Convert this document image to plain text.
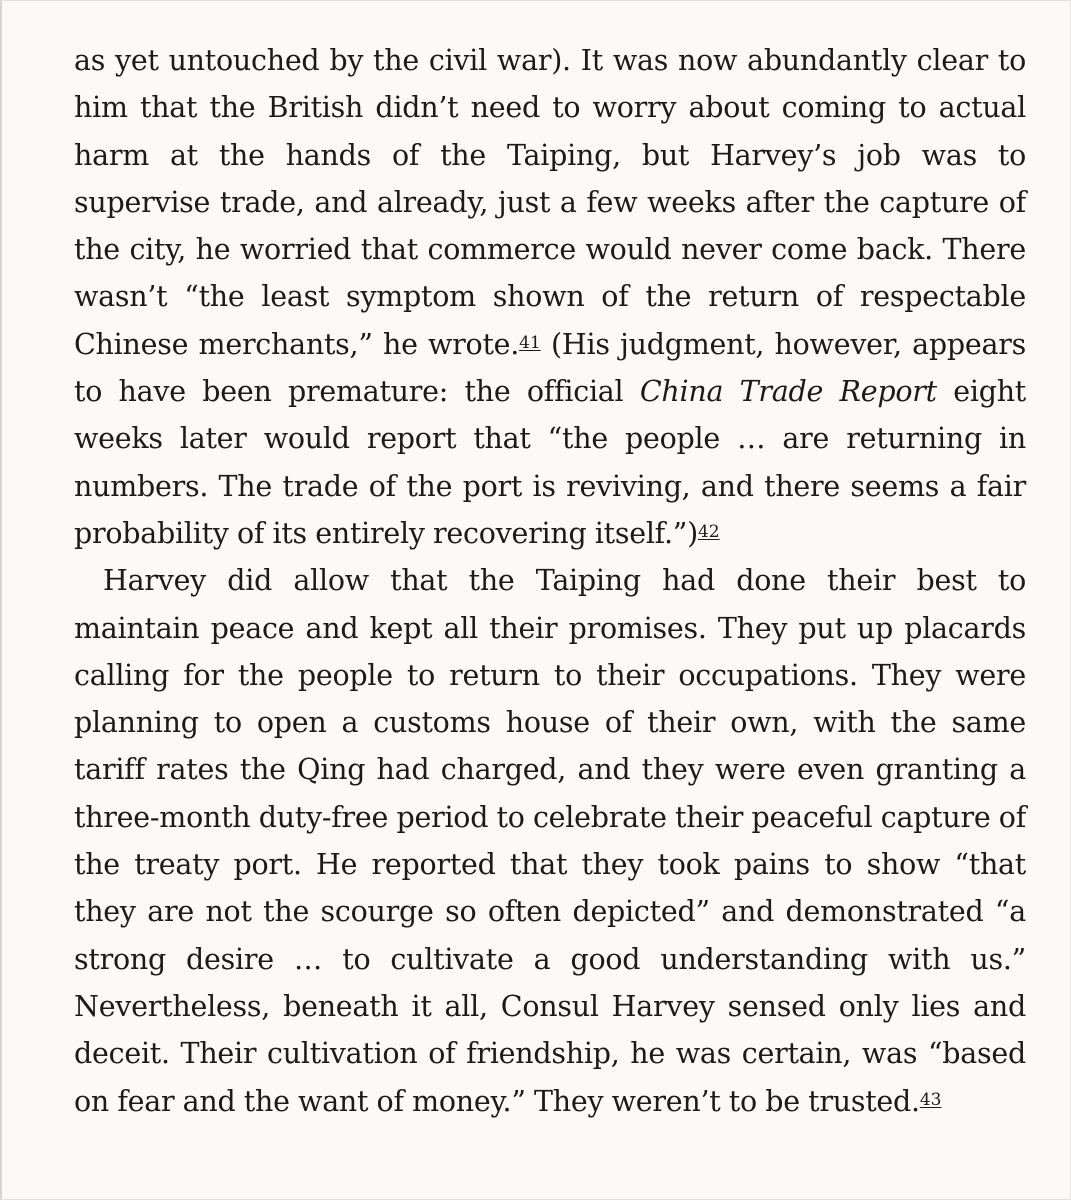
as yet untouched by the civil war). It was now abundantly clear to him that the British didn’t need to worry about coming to actual harm at the hands of the Taiping, but Harvey’s job was to supervise trade, and already, just a few weeks after the capture of the city, he worried that commerce would never come back. There wasn’t “the least symptom shown of the return of respectable Chinese merchants,” he wrote.$^{41}$ (His judgment, however, appears to have been premature: the official China Trade Report eight weeks later would report that “the people … are returning in numbers. The trade of the port is reviving, and there seems a fair probability of its entirely recovering itself.”)$^{42}$

Harvey did allow that the Taiping had done their best to maintain peace and kept all their promises. They put up placards calling for the people to return to their occupations. They were planning to open a customs house of their own, with the same tariff rates the Qing had charged, and they were even granting a three-month duty-free period to celebrate their peaceful capture of the treaty port. He reported that they took pains to show “that they are not the scourge so often depicted” and demonstrated “a strong desire … to cultivate a good understanding with us.” Nevertheless, beneath it all, Consul Harvey sensed only lies and deceit. Their cultivation of friendship, he was certain, was “based on fear and the want of money.” They weren’t to be trusted.$^{43}$
